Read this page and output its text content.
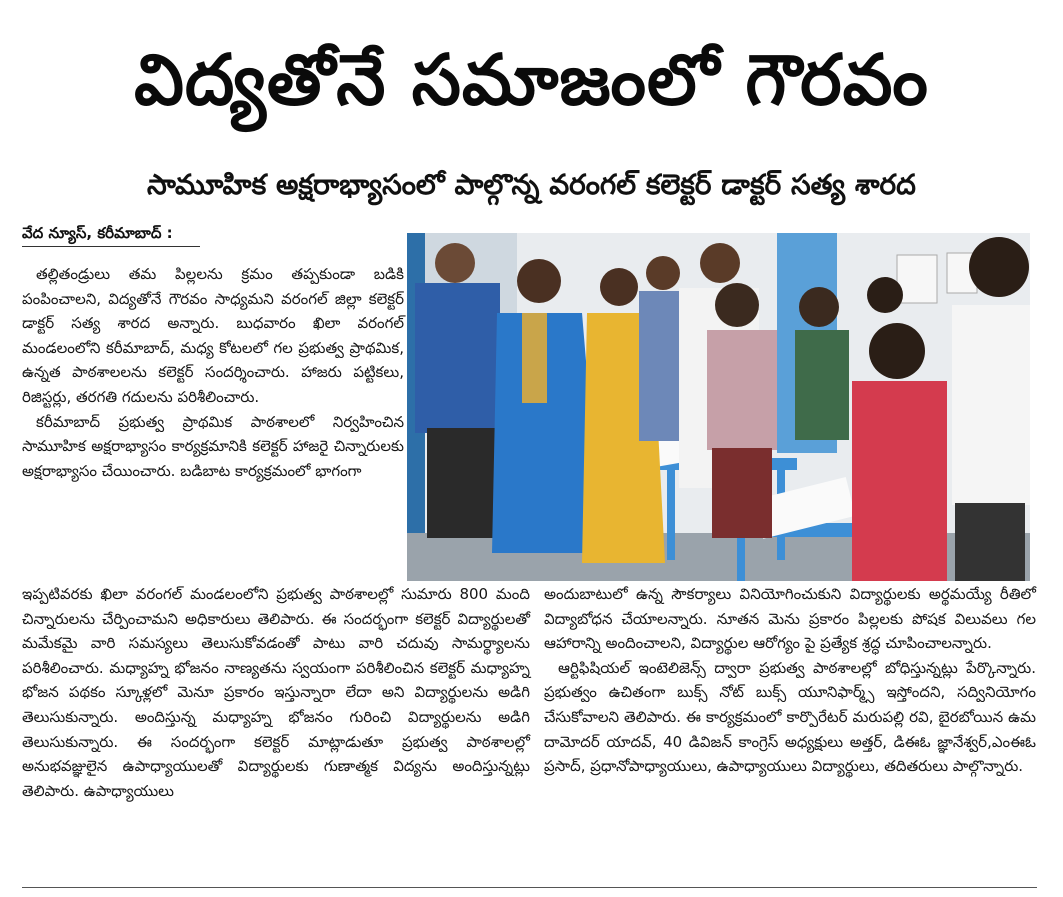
విద్యతోనే సమాజంలో గౌరవం
సామూహిక అక్షరాభ్యాసంలో పాల్గొన్న వరంగల్ కలెక్టర్ డాక్టర్ సత్య శారద
వేద న్యూస్, కరీమాబాద్ :

తల్లితండ్రులు తమ పిల్లలను క్రమం తప్పకుండా బడికి పంపించాలని, విద్యతోనే గౌరవం సాధ్యమని వరంగల్ జిల్లా కలెక్టర్ డాక్టర్ సత్య శారద అన్నారు. బుధవారం ఖిలా వరంగల్ మండలంలోని కరీమాబాద్, మధ్య కోటలలో గల ప్రభుత్వ ప్రాథమిక, ఉన్నత పాఠశాలలను కలెక్టర్ సందర్శించారు. హాజరు పట్టికలు, రిజిస్టర్లు, తరగతి గదులను పరిశీలించారు.

కరీమాబాద్ ప్రభుత్వ ప్రాథమిక పాఠశాలలో నిర్వహించిన సామూహిక అక్షరాభ్యాసం కార్యక్రమానికి కలెక్టర్ హాజరై చిన్నారులకు అక్షరాభ్యాసం చేయించారు. బడిబాట కార్యక్రమంలో భాగంగా

ఇప్పటివరకు ఖిలా వరంగల్ మండలంలోని ప్రభుత్వ పాఠశాలల్లో సుమారు 800 మంది చిన్నారులను చేర్పించామని అధికారులు తెలిపారు. ఈ సందర్భంగా కలెక్టర్ విద్యార్థులతో మమేకమై వారి సమస్యలు తెలుసుకోవడంతో పాటు వారి చదువు సామర్థ్యాలను పరిశీలించారు. మధ్యాహ్న భోజనం నాణ్యతను స్వయంగా పరిశీలించిన కలెక్టర్ మధ్యాహ్న భోజన పథకం స్కూళ్లలో మెనూ ప్రకారం ఇస్తున్నారా లేదా అని విద్యార్థులను అడిగి తెలుసుకున్నారు. అందిస్తున్న మధ్యాహ్న భోజనం గురించి విద్యార్థులను అడిగి తెలుసుకున్నారు. ఈ సందర్భంగా కలెక్టర్ మాట్లాడుతూ ప్రభుత్వ పాఠశాలల్లో అనుభవజ్ఞులైన ఉపాధ్యాయులతో విద్యార్థులకు గుణాత్మక విద్యను అందిస్తున్నట్లు తెలిపారు. ఉపాధ్యాయులు

అందుబాటులో ఉన్న సౌకర్యాలు వినియోగించుకుని విద్యార్థులకు అర్థమయ్యే రీతిలో విద్యాబోధన చేయాలన్నారు. నూతన మెను ప్రకారం పిల్లలకు పోషక విలువలు గల ఆహారాన్ని అందించాలని, విద్యార్థుల ఆరోగ్యం పై ప్రత్యేక శ్రద్ధ చూపించాలన్నారు.

ఆర్టిఫిషియల్ ఇంటెలిజెన్స్ ద్వారా ప్రభుత్వ పాఠశాలల్లో బోధిస్తున్నట్లు పేర్కొన్నారు. ప్రభుత్వం ఉచితంగా బుక్స్ నోట్ బుక్స్ యూనిఫార్మ్స్ ఇస్తోందని, సద్వినియోగం చేసుకోవాలని తెలిపారు. ఈ కార్యక్రమంలో కార్పొరేటర్ మరుపల్లి రవి, బైరబోయిన ఉమ దామోదర్ యాదవ్, 40 డివిజన్ కాంగ్రెస్ అధ్యక్షులు అత్తర్, డిఈఓ జ్ఞానేశ్వర్,ఎంఈఓ ప్రసాద్, ప్రధానోపాధ్యాయులు, ఉపాధ్యాయులు విద్యార్థులు, తదితరులు పాల్గొన్నారు.
